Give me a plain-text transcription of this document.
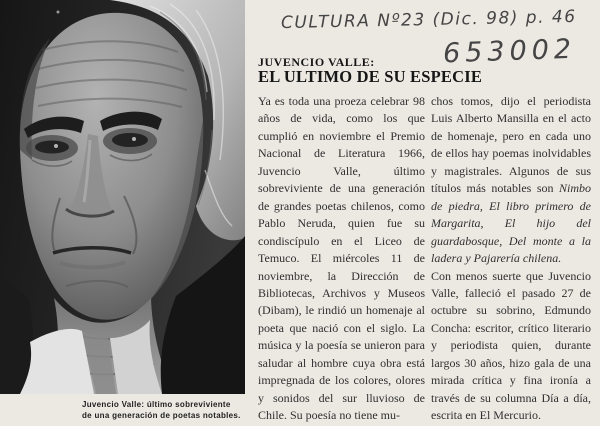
Juvencio Valle: último sobreviviente
de una generación de poetas notables.
CULTURA Nº23 (Dic. 98) p. 46
653002
JUVENCIO VALLE:
EL ULTIMO DE SU ESPECIE

Ya es toda una proeza celebrar 98 años de vida, como los que cumplió en noviembre el Premio Nacional de Literatura 1966, Juvencio Valle, último sobreviviente de una generación de grandes poetas chilenos, como Pablo Neruda, quien fue su condiscípulo en el Liceo de Temuco. El miércoles 11 de noviembre, la Dirección de Bibliotecas, Archivos y Museos (Dibam), le rindió un homenaje al poeta que nació con el siglo. La música y la poesía se unieron para saludar al hombre cuya obra está impregnada de los colores, olores y sonidos del sur lluvioso de Chile. Su poesía no tiene mu-

chos tomos, dijo el periodista Luis Alberto Mansilla en el acto de homenaje, pero en cada uno de ellos hay poemas inolvidables y magistrales. Algunos de sus títulos más notables son Nimbo de piedra, El libro primero de Margarita, El hijo del guardabosque, Del monte a la ladera y Pajarería chilena.

Con menos suerte que Juvencio Valle, falleció el pasado 27 de octubre su sobrino, Edmundo Concha: escritor, crítico literario y periodista quien, durante largos 30 años, hizo gala de una mirada crítica y fina ironía a través de su columna Día a día, escrita en El Mercurio.
